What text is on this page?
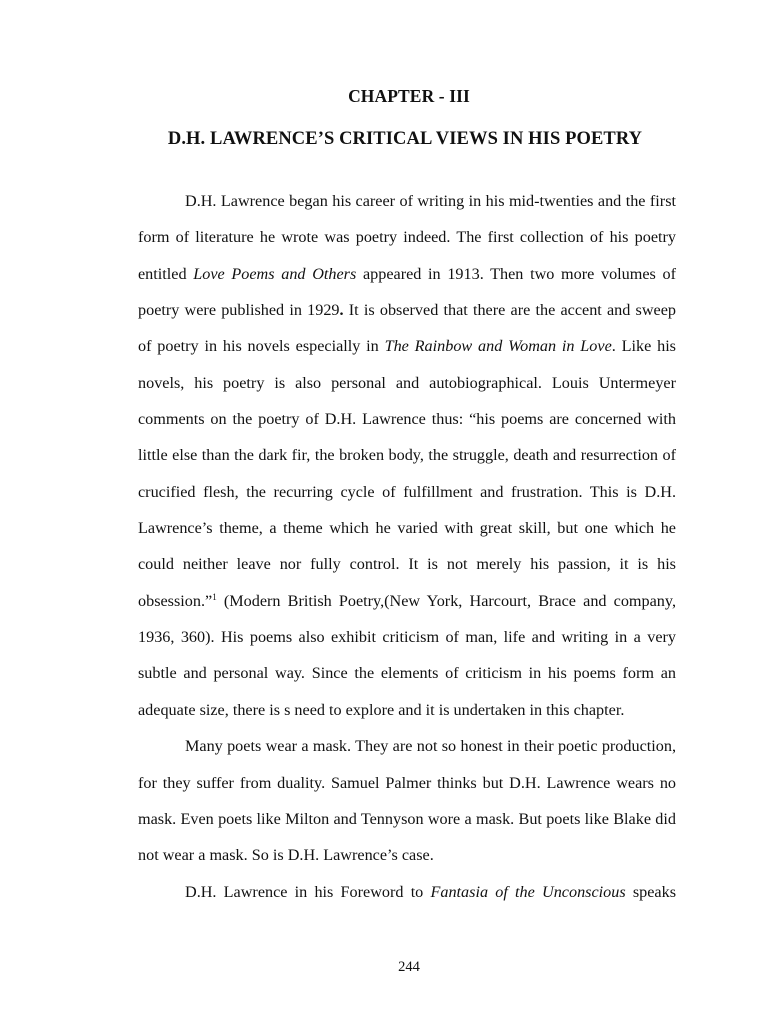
CHAPTER - III
D.H. LAWRENCE’S CRITICAL VIEWS IN HIS POETRY

D.H. Lawrence began his career of writing in his mid-twenties and the first form of literature he wrote was poetry indeed. The first collection of his poetry entitled Love Poems and Others appeared in 1913. Then two more volumes of poetry were published in 1929. It is observed that there are the accent and sweep of poetry in his novels especially in The Rainbow and Woman in Love. Like his novels, his poetry is also personal and autobiographical. Louis Untermeyer comments on the poetry of D.H. Lawrence thus: “his poems are concerned with little else than the dark fir, the broken body, the struggle, death and resurrection of crucified flesh, the recurring cycle of fulfillment and frustration. This is D.H. Lawrence’s theme, a theme which he varied with great skill, but one which he could neither leave nor fully control. It is not merely his passion, it is his obsession.”$^1$ (Modern British Poetry,(New York, Harcourt, Brace and company, 1936, 360). His poems also exhibit criticism of man, life and writing in a very subtle and personal way. Since the elements of criticism in his poems form an adequate size, there is s need to explore and it is undertaken in this chapter.

Many poets wear a mask. They are not so honest in their poetic production, for they suffer from duality. Samuel Palmer thinks but D.H. Lawrence wears no mask. Even poets like Milton and Tennyson wore a mask. But poets like Blake did not wear a mask. So is D.H. Lawrence’s case.

D.H. Lawrence in his Foreword to Fantasia of the Unconscious speaks

244
